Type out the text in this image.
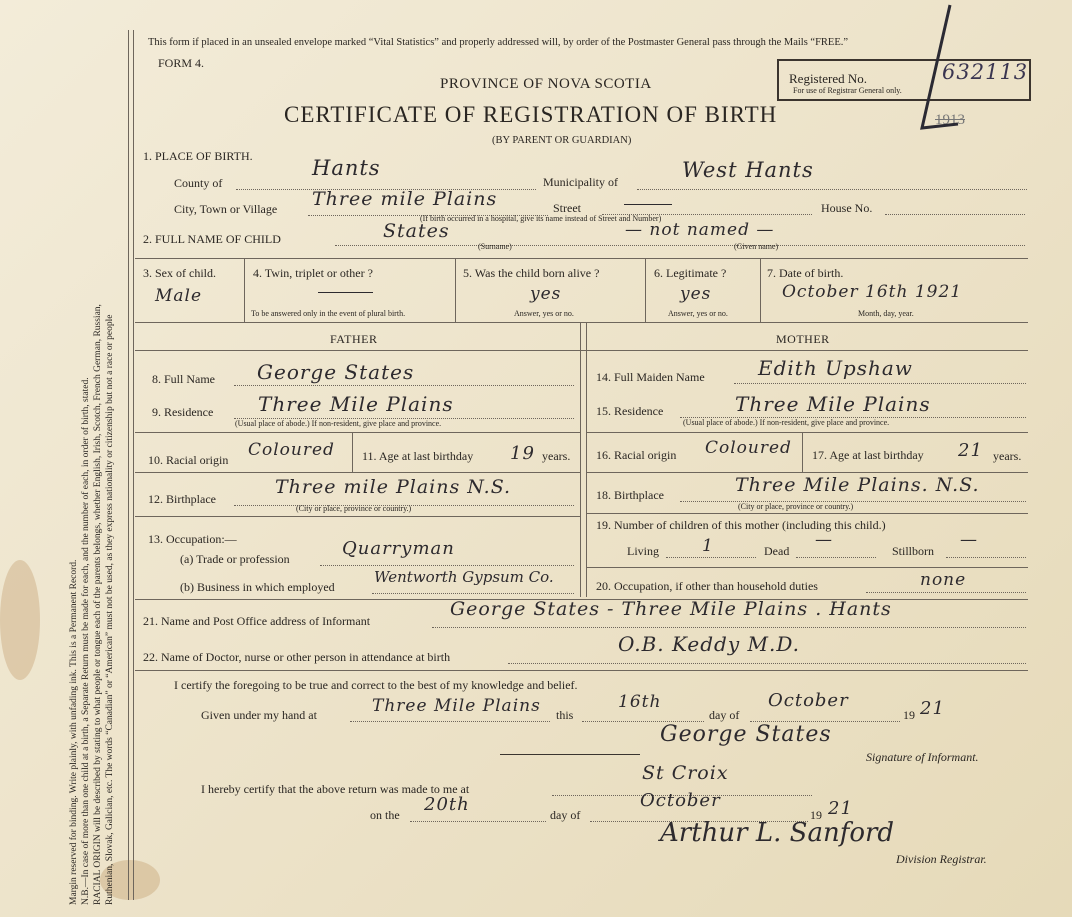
Margin reserved for binding. Write plainly, with unfading ink. This is a Permanent Record. N.B.—In case of more than one child at a birth, a Separate Return must be made for each, and the number of each, in order of birth, stated. RACIAL ORIGIN will be described by stating to what people or tongue each of the parents belongs, whether English, Irish, Scotch, French German, Russian, Ruthenian, Slovak, Galician, etc. The words “Canadian” or “American” must not be used, as they express nationality or citizenship but not a race or people
This form if placed in an unsealed envelope marked “Vital Statistics” and properly addressed will, by order of the Postmaster General pass through the Mails “FREE.”
FORM 4.
PROVINCE OF NOVA SCOTIA
CERTIFICATE OF REGISTRATION OF BIRTH
(BY PARENT OR GUARDIAN)
Registered No.	632113
For use of Registrar General only.
1913
1. PLACE OF BIRTH.
County of
Hants
Municipality of	West Hants
City, Town or Village Three mile Plains	Street	House No.
(If birth occurred in a hospital, give its name instead of Street and Number)
2. FULL NAME OF CHILD	States
(Surname)
— not named —
(Given name)
3. Sex of child.
Male
4. Twin, triplet or other ?
To be answered only in the event of plural birth.
5. Was the child born alive ?
yes
Answer, yes or no.
6. Legitimate ?
yes
Answer, yes or no.
7. Date of birth.
October 16th 1921
Month, day, year.
FATHER	MOTHER
8. Full Name George States
9. Residence Three Mile Plains
(Usual place of abode.) If non-resident, give place and province.
10. Racial origin Coloured 11. Age at last birthday 19 years.
12. Birthplace
Three mile Plains N.S.
(City or place, province or country.)
13. Occupation:—
(a) Trade or profession	Quarryman
(b) Business in which employed
Wentworth Gypsum Co.
14. Full Maiden Name	Edith Upshaw
15. Residence	Three Mile Plains
(Usual place of abode.) If non-resident, give place and province.
16. Racial origin Coloured 17. Age at last birthday 21 years.
18. Birthplace	Three Mile Plains. N.S.
(City or place, province or country.)
19. Number of children of this mother (including this child.)
Living	1	Dead
—
Stillborn
—
20. Occupation, if other than household duties	none
21. Name and Post Office address of Informant
George States - Three Mile Plains . Hants
22. Name of Doctor, nurse or other person in attendance at birth
O.B. Keddy M.D.
I certify the foregoing to be true and correct to the best of my knowledge and belief.
Given under my hand at	Three Mile Plains this
16th
day of
October
19 21
George States
Signature of Informant.
I hereby certify that the above return was made to me at
St Croix
on the 20th	day of
October
19 21
Arthur L. Sanford
Division Registrar.
